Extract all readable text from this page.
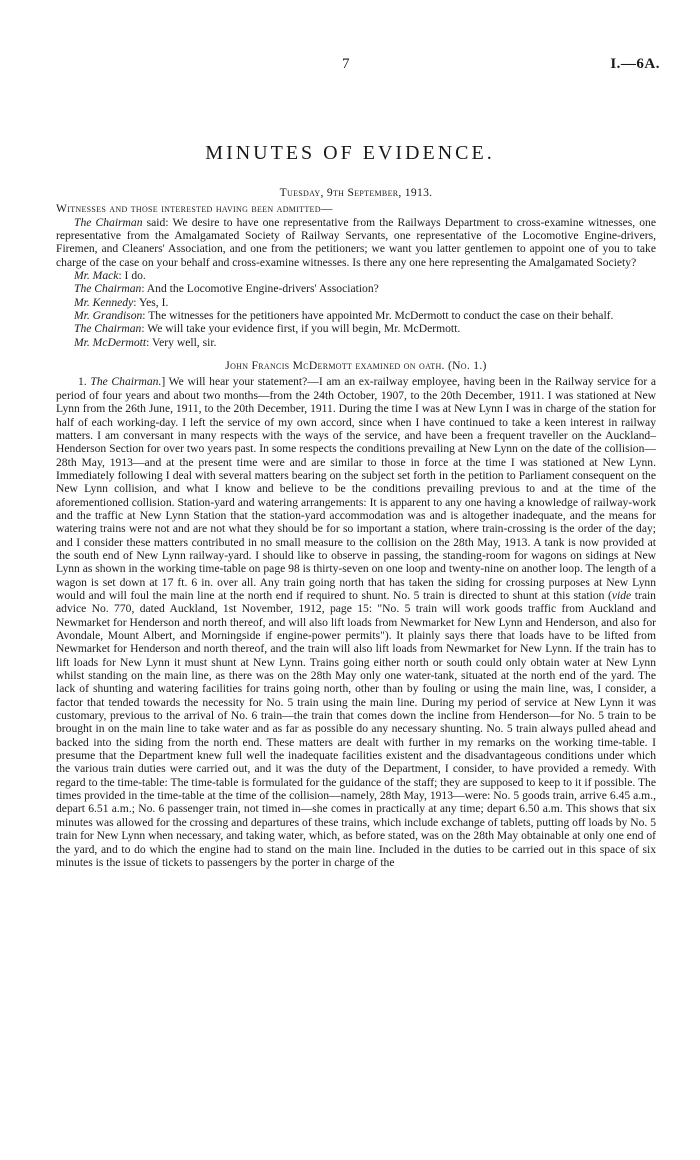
7	I.—6A.
MINUTES OF EVIDENCE.

Tuesday, 9th September, 1913.

Witnesses and those interested having been admitted—

The Chairman said: We desire to have one representative from the Railways Department to cross-examine witnesses, one representative from the Amalgamated Society of Railway Servants, one representative of the Locomotive Engine-drivers, Firemen, and Cleaners' Association, and one from the petitioners; we want you latter gentlemen to appoint one of you to take charge of the case on your behalf and cross-examine witnesses. Is there any one here representing the Amalgamated Society?

Mr. Mack: I do.

The Chairman: And the Locomotive Engine-drivers' Association?

Mr. Kennedy: Yes, I.

Mr. Grandison: The witnesses for the petitioners have appointed Mr. McDermott to conduct the case on their behalf.

The Chairman: We will take your evidence first, if you will begin, Mr. McDermott.

Mr. McDermott: Very well, sir.

John Francis McDermott examined on oath. (No. 1.)

1. The Chairman.] We will hear your statement?—I am an ex-railway employee, having been in the Railway service for a period of four years and about two months—from the 24th October, 1907, to the 20th December, 1911. I was stationed at New Lynn from the 26th June, 1911, to the 20th December, 1911. During the time I was at New Lynn I was in charge of the station for half of each working-day. I left the service of my own accord, since when I have continued to take a keen interest in railway matters. I am conversant in many respects with the ways of the service, and have been a frequent traveller on the Auckland–Henderson Section for over two years past. In some respects the conditions prevailing at New Lynn on the date of the collision—28th May, 1913—and at the present time were and are similar to those in force at the time I was stationed at New Lynn. Immediately following I deal with several matters bearing on the subject set forth in the petition to Parliament consequent on the New Lynn collision, and what I know and believe to be the conditions prevailing previous to and at the time of the aforementioned collision. Station-yard and watering arrangements: It is apparent to any one having a knowledge of railway-work and the traffic at New Lynn Station that the station-yard accommodation was and is altogether inadequate, and the means for watering trains were not and are not what they should be for so important a station, where train-crossing is the order of the day; and I consider these matters contributed in no small measure to the collision on the 28th May, 1913. A tank is now provided at the south end of New Lynn railway-yard. I should like to observe in passing, the standing-room for wagons on sidings at New Lynn as shown in the working time-table on page 98 is thirty-seven on one loop and twenty-nine on another loop. The length of a wagon is set down at 17 ft. 6 in. over all. Any train going north that has taken the siding for crossing purposes at New Lynn would and will foul the main line at the north end if required to shunt. No. 5 train is directed to shunt at this station (vide train advice No. 770, dated Auckland, 1st November, 1912, page 15: "No. 5 train will work goods traffic from Auckland and Newmarket for Henderson and north thereof, and will also lift loads from Newmarket for New Lynn and Henderson, and also for Avondale, Mount Albert, and Morningside if engine-power permits"). It plainly says there that loads have to be lifted from Newmarket for Henderson and north thereof, and the train will also lift loads from Newmarket for New Lynn. If the train has to lift loads for New Lynn it must shunt at New Lynn. Trains going either north or south could only obtain water at New Lynn whilst standing on the main line, as there was on the 28th May only one water-tank, situated at the north end of the yard. The lack of shunting and watering facilities for trains going north, other than by fouling or using the main line, was, I consider, a factor that tended towards the necessity for No. 5 train using the main line. During my period of service at New Lynn it was customary, previous to the arrival of No. 6 train—the train that comes down the incline from Henderson—for No. 5 train to be brought in on the main line to take water and as far as possible do any necessary shunting. No. 5 train always pulled ahead and backed into the siding from the north end. These matters are dealt with further in my remarks on the working time-table. I presume that the Department knew full well the inadequate facilities existent and the disadvantageous conditions under which the various train duties were carried out, and it was the duty of the Department, I consider, to have provided a remedy. With regard to the time-table: The time-table is formulated for the guidance of the staff; they are supposed to keep to it if possible. The times provided in the time-table at the time of the collision—namely, 28th May, 1913—were: No. 5 goods train, arrive 6.45 a.m., depart 6.51 a.m.; No. 6 passenger train, not timed in—she comes in practically at any time; depart 6.50 a.m. This shows that six minutes was allowed for the crossing and departures of these trains, which include exchange of tablets, putting off loads by No. 5 train for New Lynn when necessary, and taking water, which, as before stated, was on the 28th May obtainable at only one end of the yard, and to do which the engine had to stand on the main line. Included in the duties to be carried out in this space of six minutes is the issue of tickets to passengers by the porter in charge of the
